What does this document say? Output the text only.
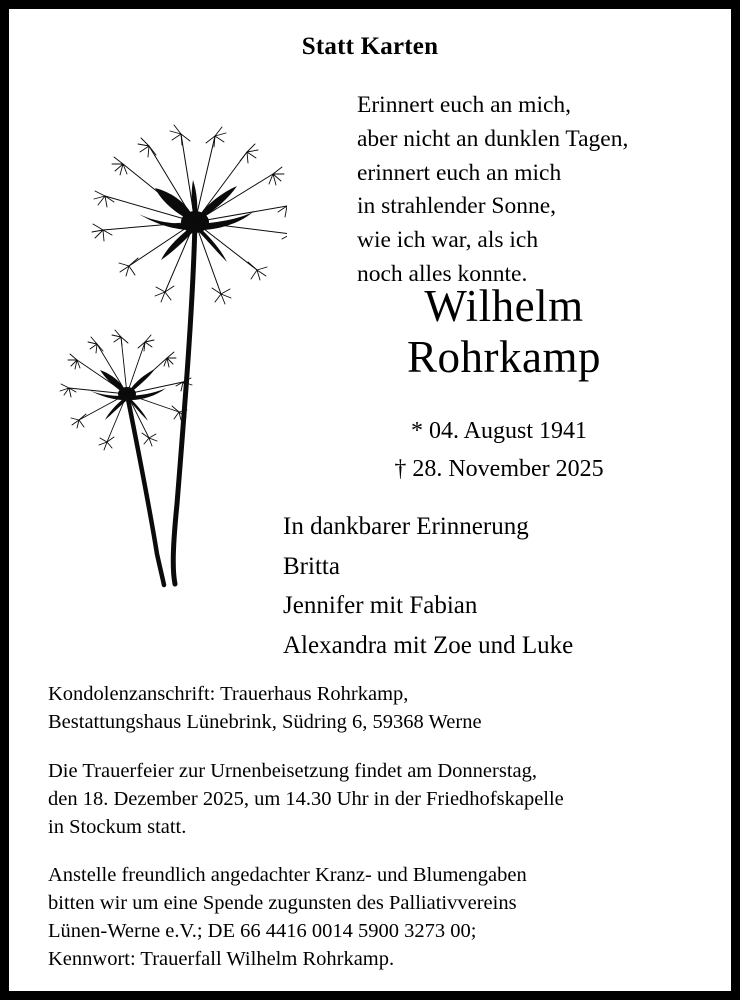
Statt Karten
Erinnert euch an mich,
aber nicht an dunklen Tagen,
erinnert euch an mich
in strahlender Sonne,
wie ich war, als ich
noch alles konnte.
Wilhelm
Rohrkamp
* 04. August 1941
† 28. November 2025
In dankbarer Erinnerung
Britta
Jennifer mit Fabian
Alexandra mit Zoe und Luke

Kondolenzanschrift: Trauerhaus Rohrkamp,
Bestattungshaus Lünebrink, Südring 6, 59368 Werne

Die Trauerfeier zur Urnenbeisetzung findet am Donnerstag,
den 18. Dezember 2025, um 14.30 Uhr in der Friedhofskapelle
in Stockum statt.

Anstelle freundlich angedachter Kranz- und Blumengaben
bitten wir um eine Spende zugunsten des Palliativvereins
Lünen-Werne e.V.; DE 66 4416 0014 5900 3273 00;
Kennwort: Trauerfall Wilhelm Rohrkamp.
